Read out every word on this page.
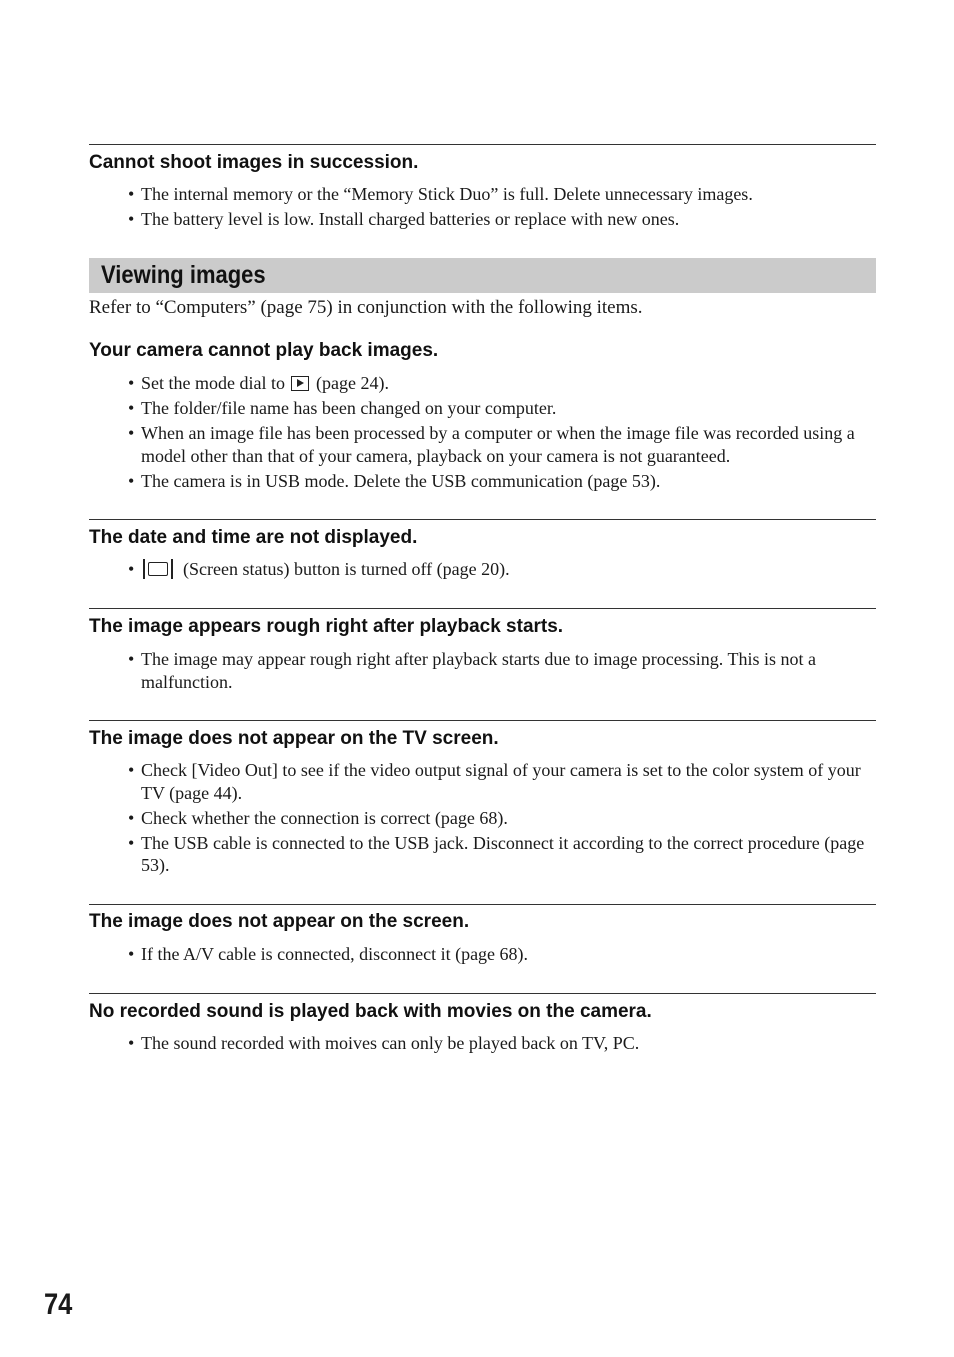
Cannot shoot images in succession.
• The internal memory or the “Memory Stick Duo” is full. Delete unnecessary images.
• The battery level is low. Install charged batteries or replace with new ones.
Viewing images
Refer to “Computers” (page 75) in conjunction with the following items.
Your camera cannot play back images.
• Set the mode dial to (page 24).
• The folder/file name has been changed on your computer.
• When an image file has been processed by a computer or when the image file was recorded using a model other than that of your camera, playback on your camera is not guaranteed.
• The camera is in USB mode. Delete the USB communication (page 53).
The date and time are not displayed.
•	(Screen status) button is turned off (page 20).
The image appears rough right after playback starts.
• The image may appear rough right after playback starts due to image processing. This is not a malfunction.
The image does not appear on the TV screen.
• Check [Video Out] to see if the video output signal of your camera is set to the color system of your TV (page 44).
• Check whether the connection is correct (page 68).
• The USB cable is connected to the USB jack. Disconnect it according to the correct procedure (page 53).
The image does not appear on the screen.
• If the A/V cable is connected, disconnect it (page 68).
No recorded sound is played back with movies on the camera.
• The sound recorded with moives can only be played back on TV, PC.
74
